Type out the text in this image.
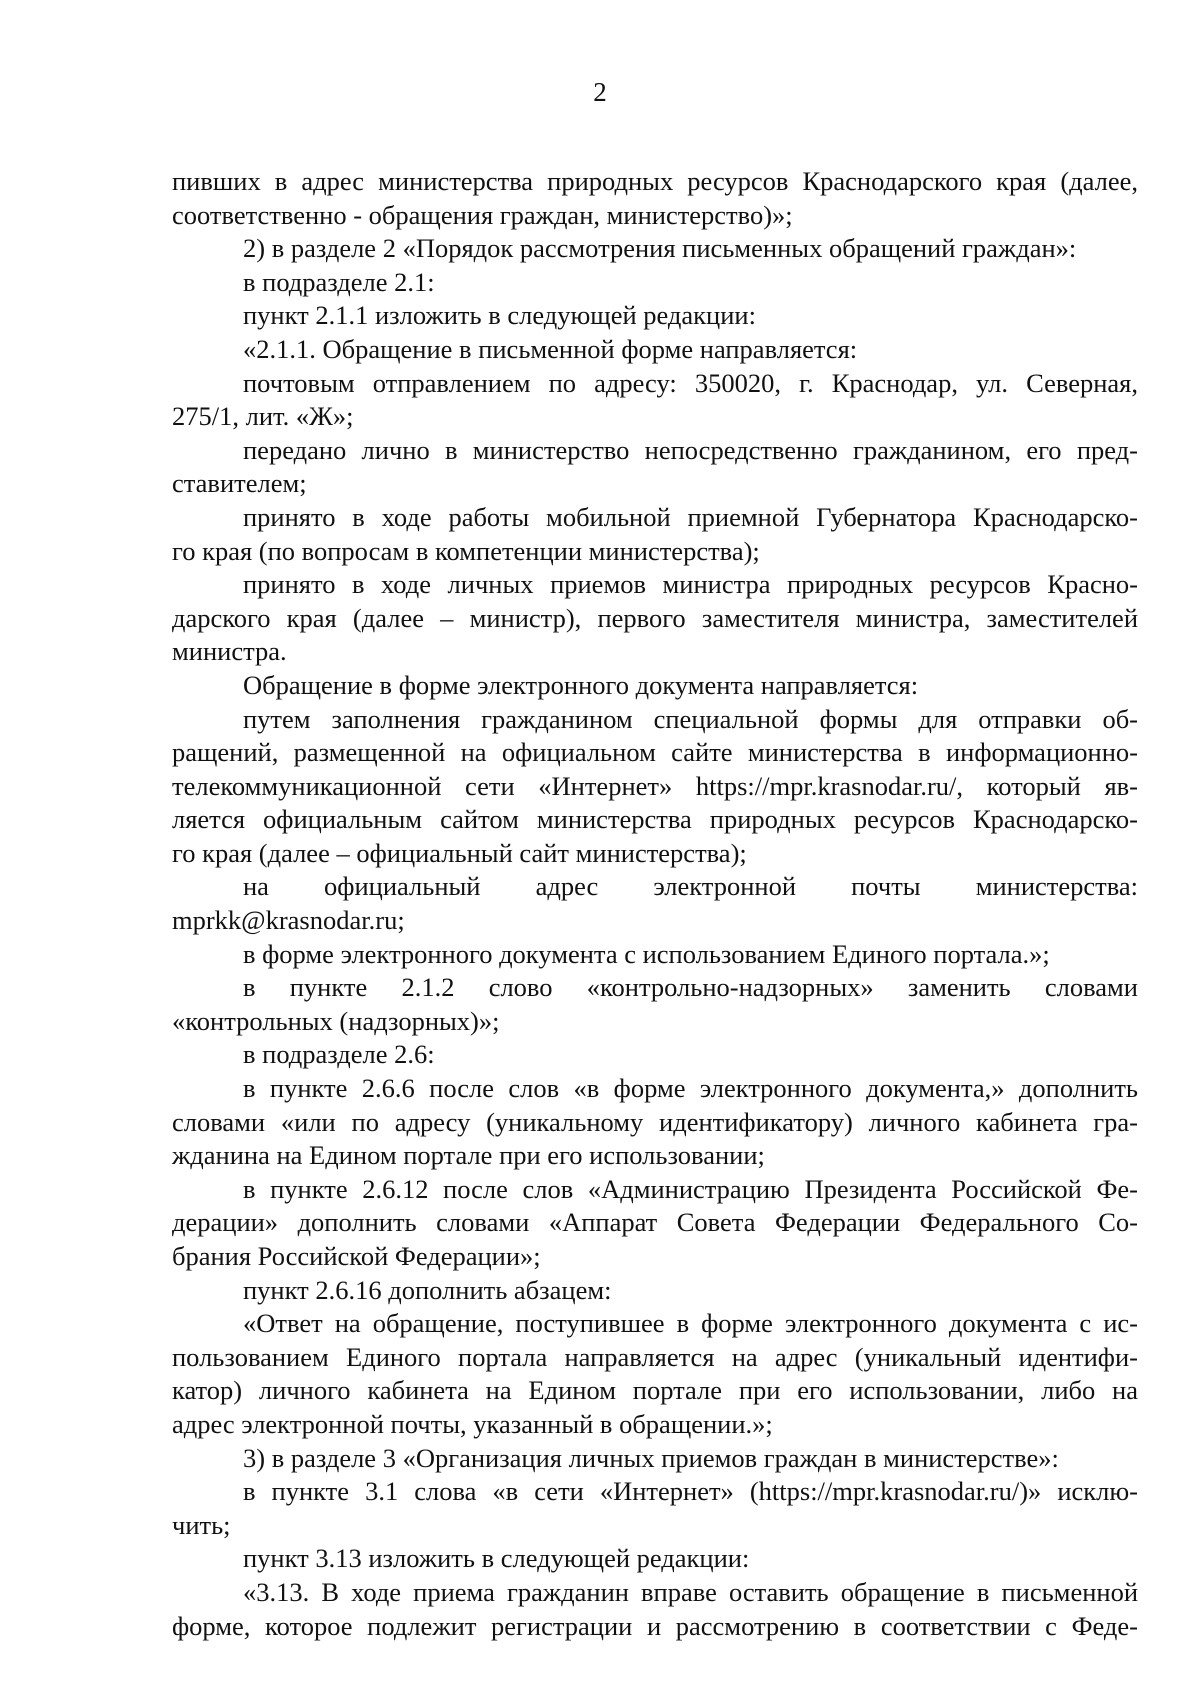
2
пивших в адрес министерства природных ресурсов Краснодарского края (далее,
соответственно - обращения граждан, министерство)»;
2) в разделе 2 «Порядок рассмотрения письменных обращений граждан»:
в подразделе 2.1:
пункт 2.1.1 изложить в следующей редакции:
«2.1.1. Обращение в письменной форме направляется:
почтовым отправлением по адресу: 350020, г. Краснодар, ул. Северная,
275/1, лит. «Ж»;
передано лично в министерство непосредственно гражданином, его пред-
ставителем;
принято в ходе работы мобильной приемной Губернатора Краснодарско-
го края (по вопросам в компетенции министерства);
принято в ходе личных приемов министра природных ресурсов Красно-
дарского края (далее – министр), первого заместителя министра, заместителей
министра.
Обращение в форме электронного документа направляется:
путем заполнения гражданином специальной формы для отправки об-
ращений, размещенной на официальном сайте министерства в информационно-
телекоммуникационной сети «Интернет» https://mpr.krasnodar.ru/, который яв-
ляется официальным сайтом министерства природных ресурсов Краснодарско-
го края (далее – официальный сайт министерства);
на официальный адрес электронной почты министерства:
mprkk@krasnodar.ru;
в форме электронного документа с использованием Единого портала.»;
в пункте 2.1.2 слово «контрольно-надзорных» заменить словами
«контрольных (надзорных)»;
в подразделе 2.6:
в пункте 2.6.6 после слов «в форме электронного документа,» дополнить
словами «или по адресу (уникальному идентификатору) личного кабинета гра-
жданина на Едином портале при его использовании;
в пункте 2.6.12 после слов «Администрацию Президента Российской Фе-
дерации» дополнить словами «Аппарат Совета Федерации Федерального Со-
брания Российской Федерации»;
пункт 2.6.16 дополнить абзацем:
«Ответ на обращение, поступившее в форме электронного документа с ис-
пользованием Единого портала направляется на адрес (уникальный идентифи-
катор) личного кабинета на Едином портале при его использовании, либо на
адрес электронной почты, указанный в обращении.»;
3) в разделе 3 «Организация личных приемов граждан в министерстве»:
в пункте 3.1 слова «в сети «Интернет» (https://mpr.krasnodar.ru/)» исклю-
чить;
пункт 3.13 изложить в следующей редакции:
«3.13. В ходе приема гражданин вправе оставить обращение в письменной
форме, которое подлежит регистрации и рассмотрению в соответствии с Феде-
